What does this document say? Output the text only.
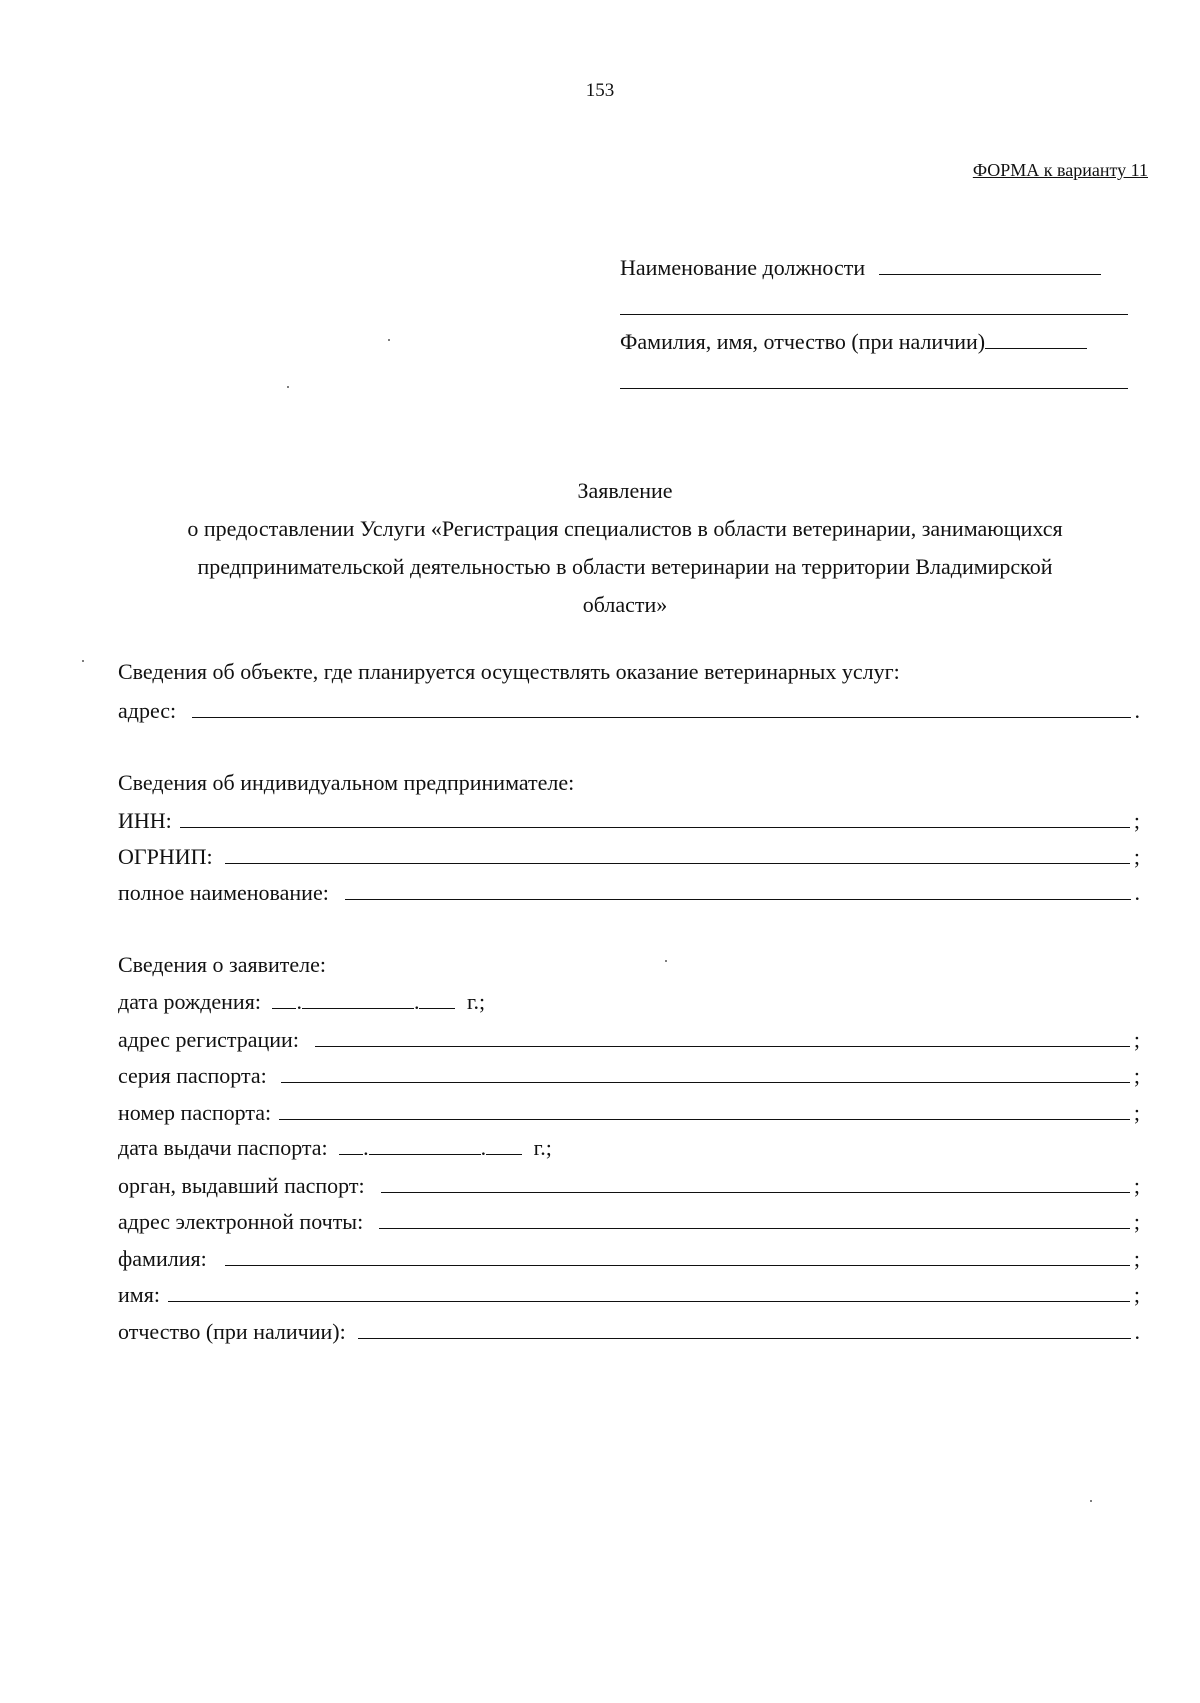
153
ФОРМА к варианту 11
Наименование должности
Фамилия, имя, отчество (при наличии)
Заявление
о предоставлении Услуги «Регистрация специалистов в области ветеринарии, занимающихся
предпринимательской деятельностью в области ветеринарии на территории Владимирской
области»
Сведения об объекте, где планируется осуществлять оказание ветеринарных услуг:
адрес:	.
Сведения об индивидуальном предпринимателе:
ИНН:	;
ОГРНИП:	;
полное наименование:	.
Сведения о заявителе:
дата рождения: .	. г.;
адрес регистрации:	;
серия паспорта:	;
номер паспорта:	;
дата выдачи паспорта: .	. г.;
орган, выдавший паспорт:	;
адрес электронной почты:	;
фамилия:	;
имя:	;
отчество (при наличии):	.
